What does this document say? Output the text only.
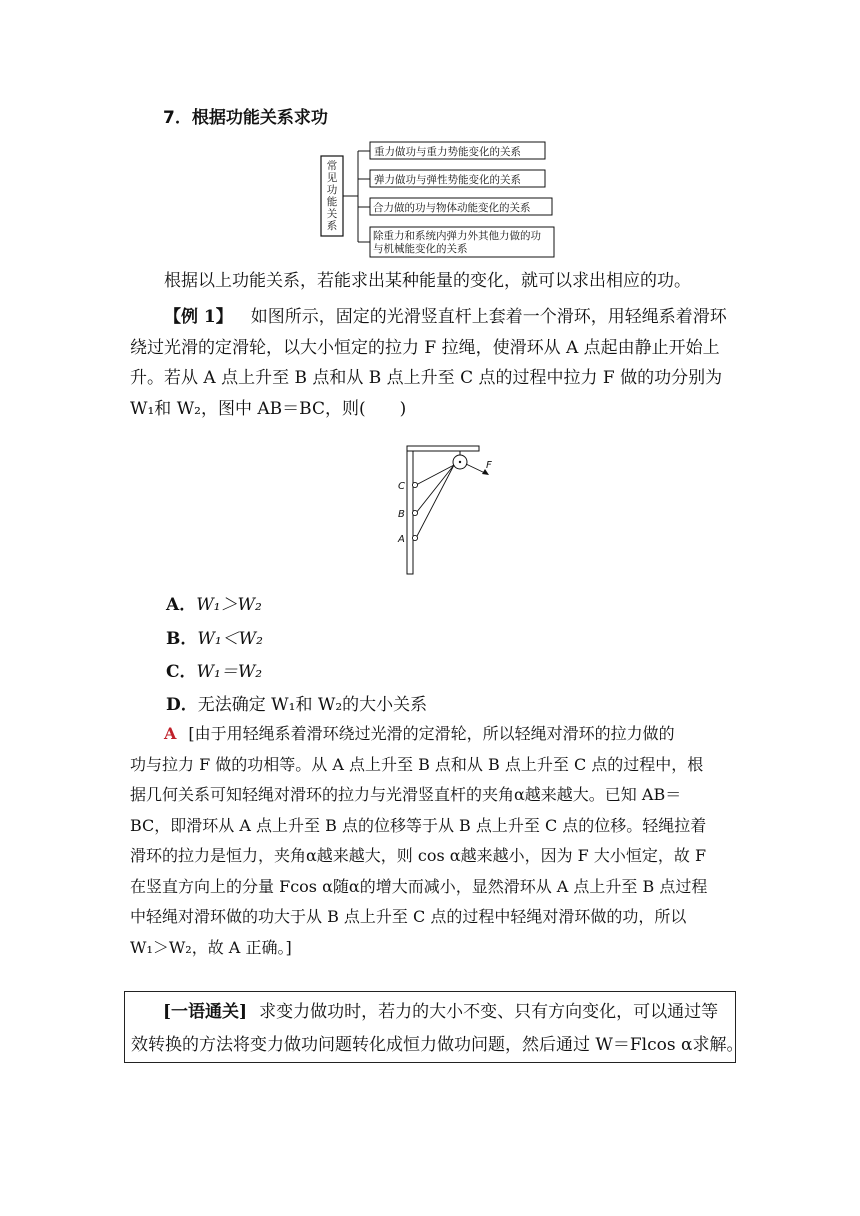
7．根据功能关系求功
常
见
功
能
关
系
重力做功与重力势能变化的关系
弹力做功与弹性势能变化的关系
合力做的功与物体动能变化的关系
除重力和系统内弹力外其他力做的功
与机械能变化的关系
根据以上功能关系，若能求出某种能量的变化，就可以求出相应的功。
【例 1】 如图所示，固定的光滑竖直杆上套着一个滑环，用轻绳系着滑环
绕过光滑的定滑轮，以大小恒定的拉力 F 拉绳，使滑环从 A 点起由静止开始上
升。若从 A 点上升至 B 点和从 B 点上升至 C 点的过程中拉力 F 做的功分别为
W₁和 W₂，图中 AB＝BC，则(　　)
F
C
B
A
A．W₁＞W₂
B．W₁＜W₂
C．W₁＝W₂
D．无法确定 W₁和 W₂的大小关系
A [由于用轻绳系着滑环绕过光滑的定滑轮，所以轻绳对滑环的拉力做的
功与拉力 F 做的功相等。从 A 点上升至 B 点和从 B 点上升至 C 点的过程中，根
据几何关系可知轻绳对滑环的拉力与光滑竖直杆的夹角α越来越大。已知 AB＝
BC，即滑环从 A 点上升至 B 点的位移等于从 B 点上升至 C 点的位移。轻绳拉着
滑环的拉力是恒力，夹角α越来越大，则 cos α越来越小，因为 F 大小恒定，故 F
在竖直方向上的分量 Fcos α随α的增大而减小，显然滑环从 A 点上升至 B 点过程
中轻绳对滑环做的功大于从 B 点上升至 C 点的过程中轻绳对滑环做的功，所以
W₁＞W₂，故 A 正确。]
[一语通关] 求变力做功时，若力的大小不变、只有方向变化，可以通过等
效转换的方法将变力做功问题转化成恒力做功问题，然后通过 W＝Flcos α求解。
